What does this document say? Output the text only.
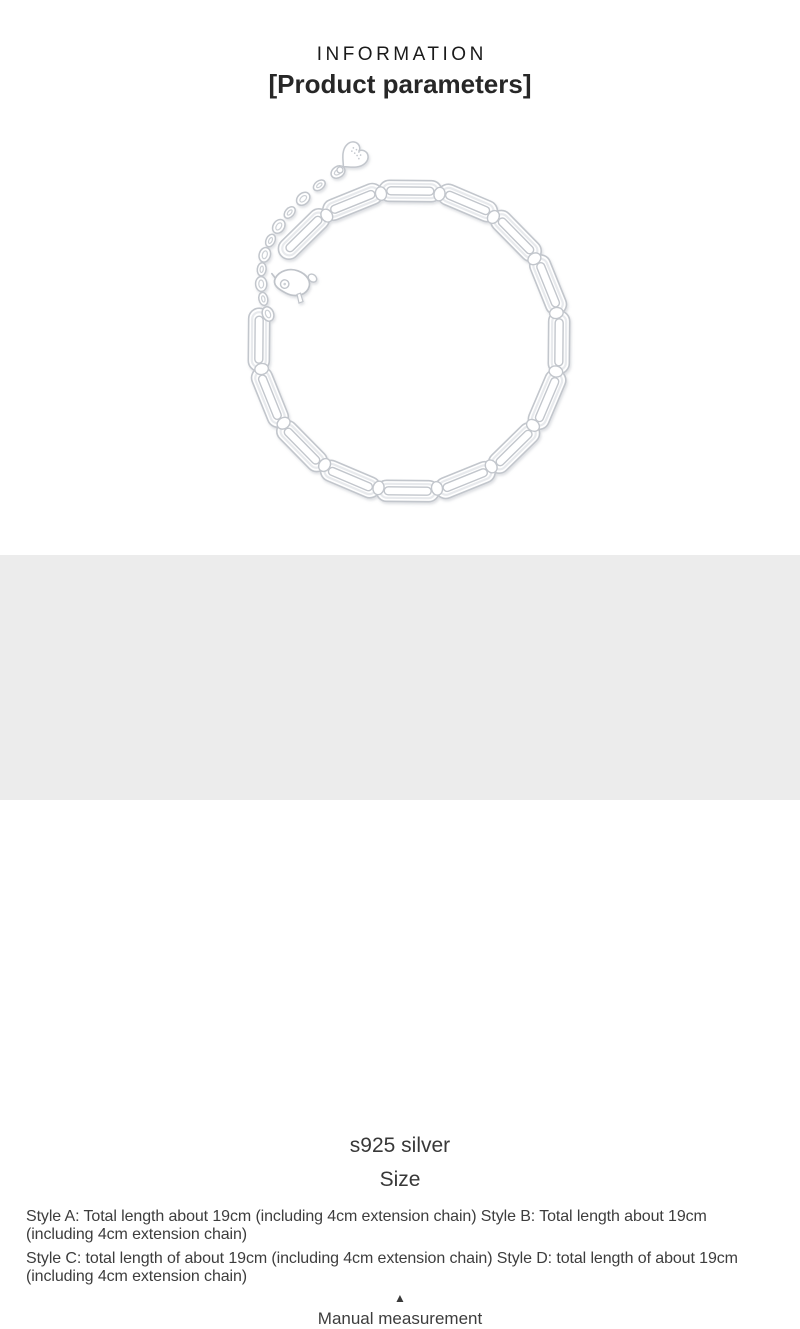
INFORMATION
[Product parameters]
s925 silver
Size

Style A: Total length about 19cm (including 4cm extension chain) Style B: Total length about 19cm (including 4cm extension chain)

Style C: total length of about 19cm (including 4cm extension chain) Style D: total length of about 19cm (including 4cm extension chain)

▲
Manual measurement
